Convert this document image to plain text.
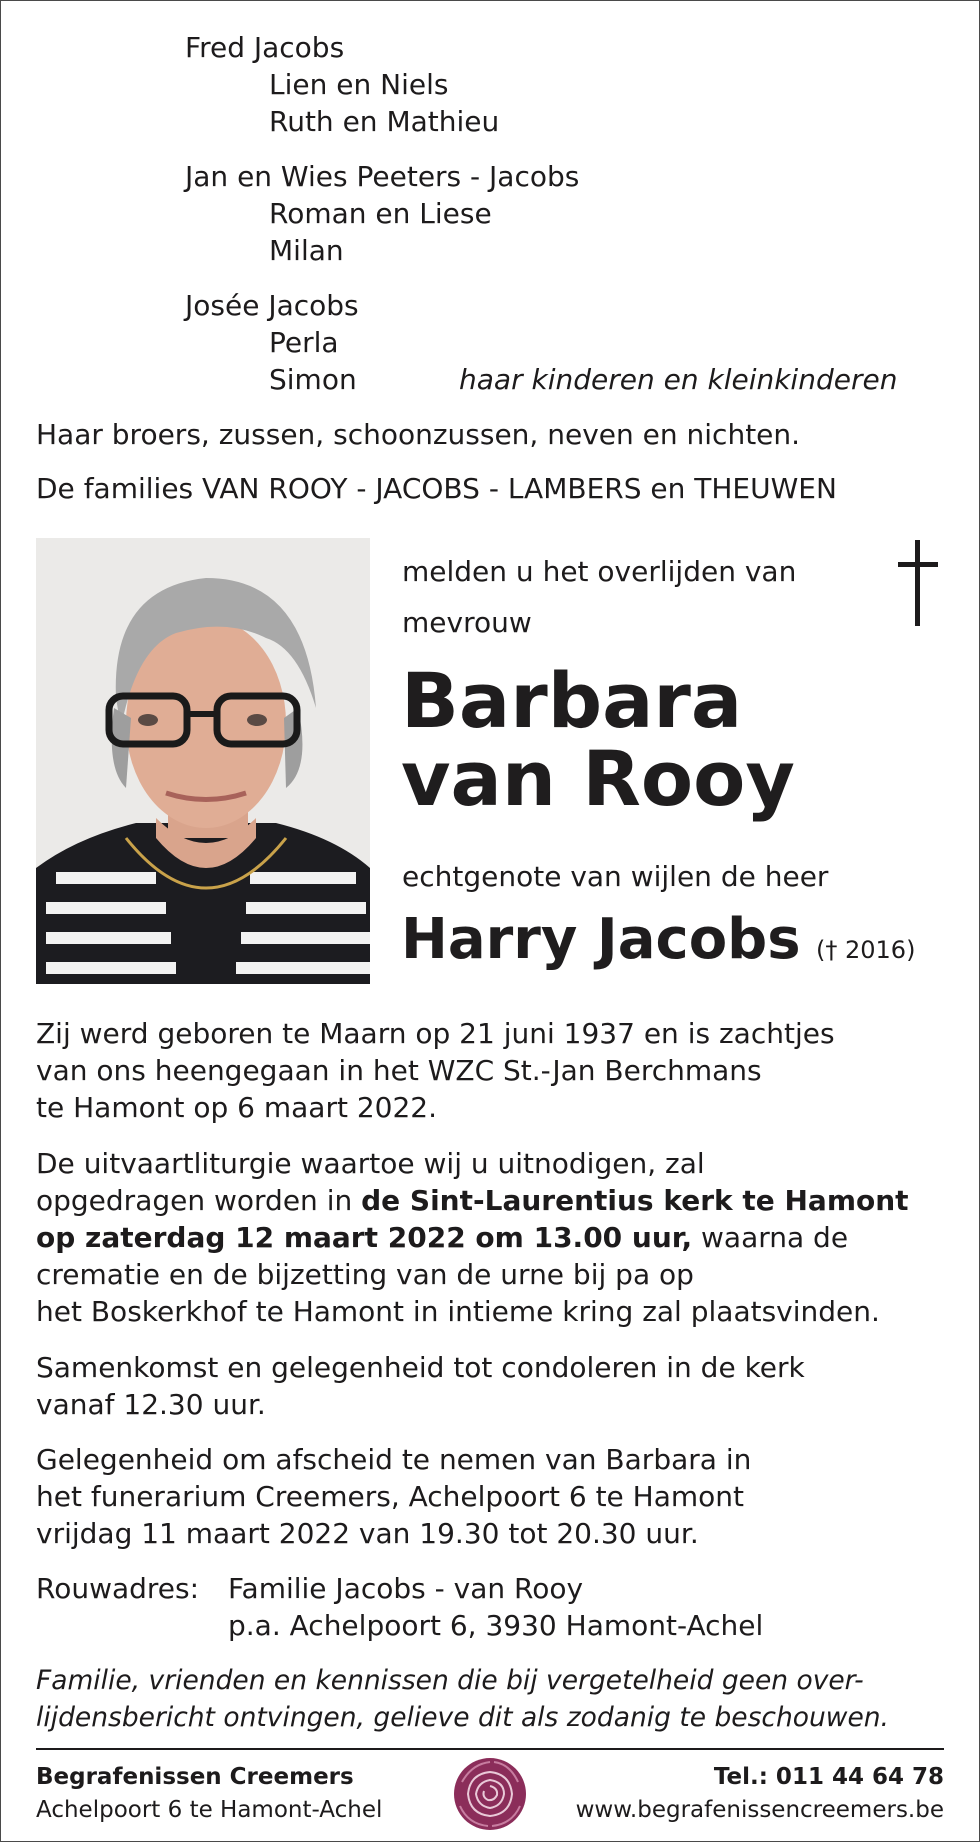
Fred Jacobs
Lien en Niels
Ruth en Mathieu
Jan en Wies Peeters - Jacobs
Roman en Liese
Milan
Josée Jacobs
Perla
Simon	haar kinderen en kleinkinderen
Haar broers, zussen, schoonzussen, neven en nichten.
De families VAN ROOY - JACOBS - LAMBERS en THEUWEN
melden u het overlijden van
mevrouw
Barbara
van Rooy
echtgenote van wijlen de heer
Harry Jacobs († 2016)
Zij werd geboren te Maarn op 21 juni 1937 en is zachtjes
van ons heengegaan in het WZC St.-Jan Berchmans
te Hamont op 6 maart 2022.
De uitvaartliturgie waartoe wij u uitnodigen, zal
opgedragen worden in de Sint-Laurentius kerk te Hamont
op zaterdag 12 maart 2022 om 13.00 uur, waarna de
crematie en de bijzetting van de urne bij pa op
het Boskerkhof te Hamont in intieme kring zal plaatsvinden.
Samenkomst en gelegenheid tot condoleren in de kerk
vanaf 12.30 uur.
Gelegenheid om afscheid te nemen van Barbara in
het funerarium Creemers, Achelpoort 6 te Hamont
vrijdag 11 maart 2022 van 19.30 tot 20.30 uur.
Rouwadres: Familie Jacobs - van Rooy
p.a. Achelpoort 6, 3930 Hamont-Achel
Familie, vrienden en kennissen die bij vergetelheid geen over-
lijdensbericht ontvingen, gelieve dit als zodanig te beschouwen.
Begrafenissen Creemers
Achelpoort 6 te Hamont-Achel
Tel.: 011 44 64 78
www.begrafenissencreemers.be
